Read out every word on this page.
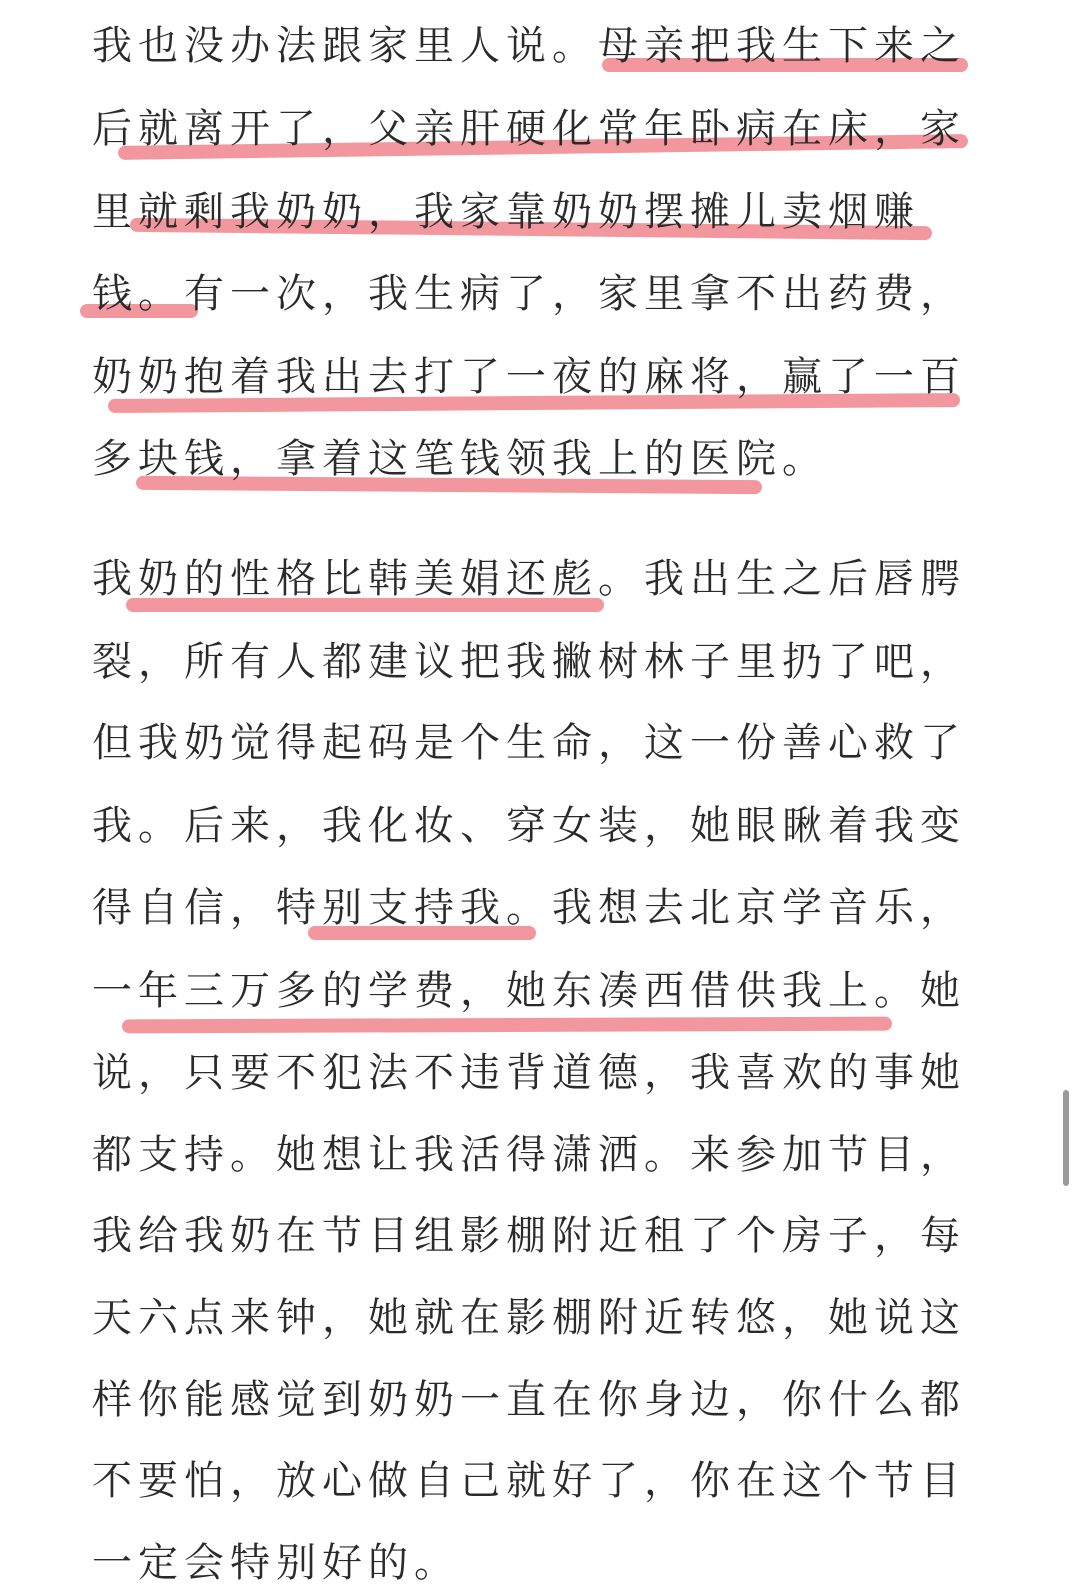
我也没办法跟家里人说。母亲把我生下来之
后就离开了，父亲肝硬化常年卧病在床，家
里就剩我奶奶，我家靠奶奶摆摊儿卖烟赚
钱。有一次，我生病了，家里拿不出药费，
奶奶抱着我出去打了一夜的麻将，赢了一百
多块钱，拿着这笔钱领我上的医院。
我奶的性格比韩美娟还彪。我出生之后唇腭
裂，所有人都建议把我撇树林子里扔了吧，
但我奶觉得起码是个生命，这一份善心救了
我。后来，我化妆、穿女装，她眼瞅着我变
得自信，特别支持我。我想去北京学音乐，
一年三万多的学费，她东凑西借供我上。她
说，只要不犯法不违背道德，我喜欢的事她
都支持。她想让我活得潇洒。来参加节目，
我给我奶在节目组影棚附近租了个房子，每
天六点来钟，她就在影棚附近转悠，她说这
样你能感觉到奶奶一直在你身边，你什么都
不要怕，放心做自己就好了，你在这个节目
一定会特别好的。
